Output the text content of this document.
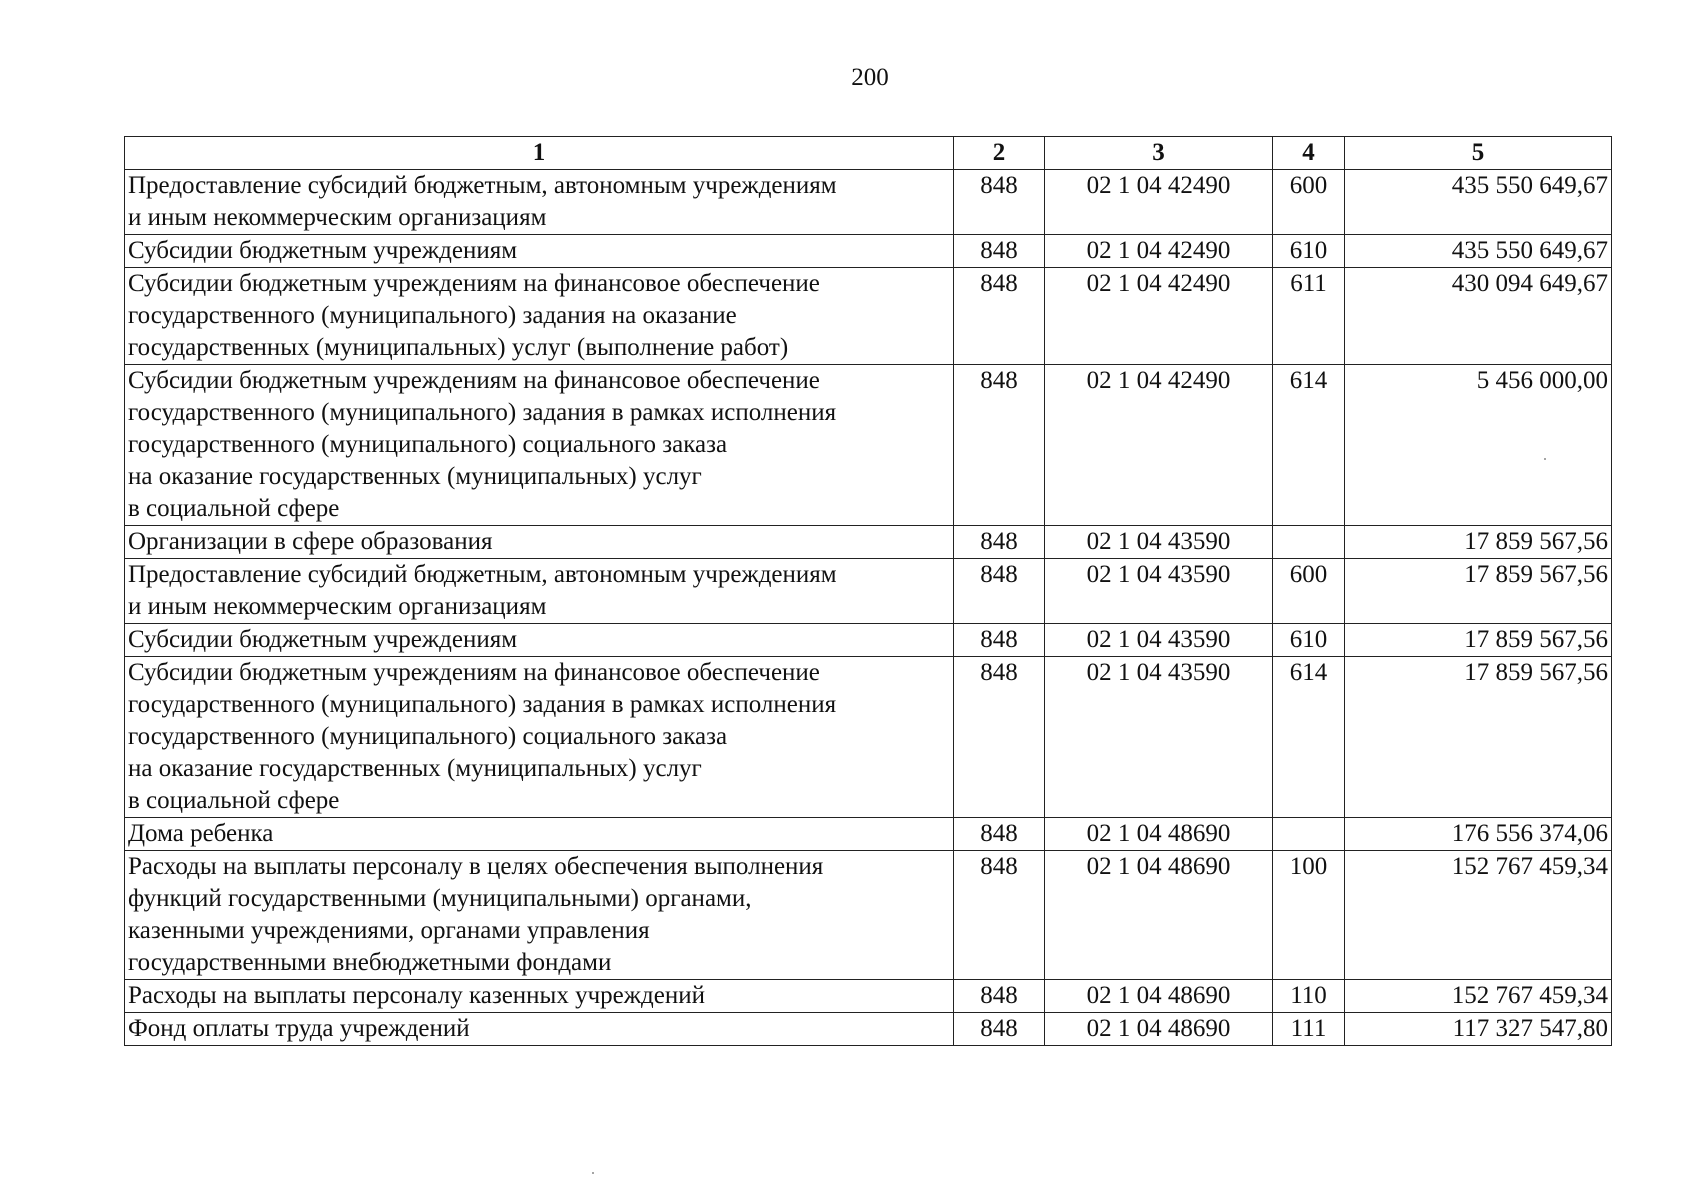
200
1	2	3	4	5
Предоставление субсидий бюджетным, автономным учреждениям
и иным некоммерческим организациям	848	02 1 04 42490	600	435 550 649,67
Субсидии бюджетным учреждениям	848	02 1 04 42490	610	435 550 649,67
Субсидии бюджетным учреждениям на финансовое обеспечение
государственного (муниципального) задания на оказание
государственных (муниципальных) услуг (выполнение работ)	848	02 1 04 42490	611	430 094 649,67
Субсидии бюджетным учреждениям на финансовое обеспечение
государственного (муниципального) задания в рамках исполнения
государственного (муниципального) социального заказа
на оказание государственных (муниципальных) услуг
в социальной сфере	848	02 1 04 42490	614	5 456 000,00
Организации в сфере образования	848	02 1 04 43590		17 859 567,56
Предоставление субсидий бюджетным, автономным учреждениям
и иным некоммерческим организациям	848	02 1 04 43590	600	17 859 567,56
Субсидии бюджетным учреждениям	848	02 1 04 43590	610	17 859 567,56
Субсидии бюджетным учреждениям на финансовое обеспечение
государственного (муниципального) задания в рамках исполнения
государственного (муниципального) социального заказа
на оказание государственных (муниципальных) услуг
в социальной сфере	848	02 1 04 43590	614	17 859 567,56
Дома ребенка	848	02 1 04 48690		176 556 374,06
Расходы на выплаты персоналу в целях обеспечения выполнения
функций государственными (муниципальными) органами,
казенными учреждениями, органами управления
государственными внебюджетными фондами	848	02 1 04 48690	100	152 767 459,34
Расходы на выплаты персоналу казенных учреждений	848	02 1 04 48690	110	152 767 459,34
Фонд оплаты труда учреждений	848	02 1 04 48690	111	117 327 547,80
